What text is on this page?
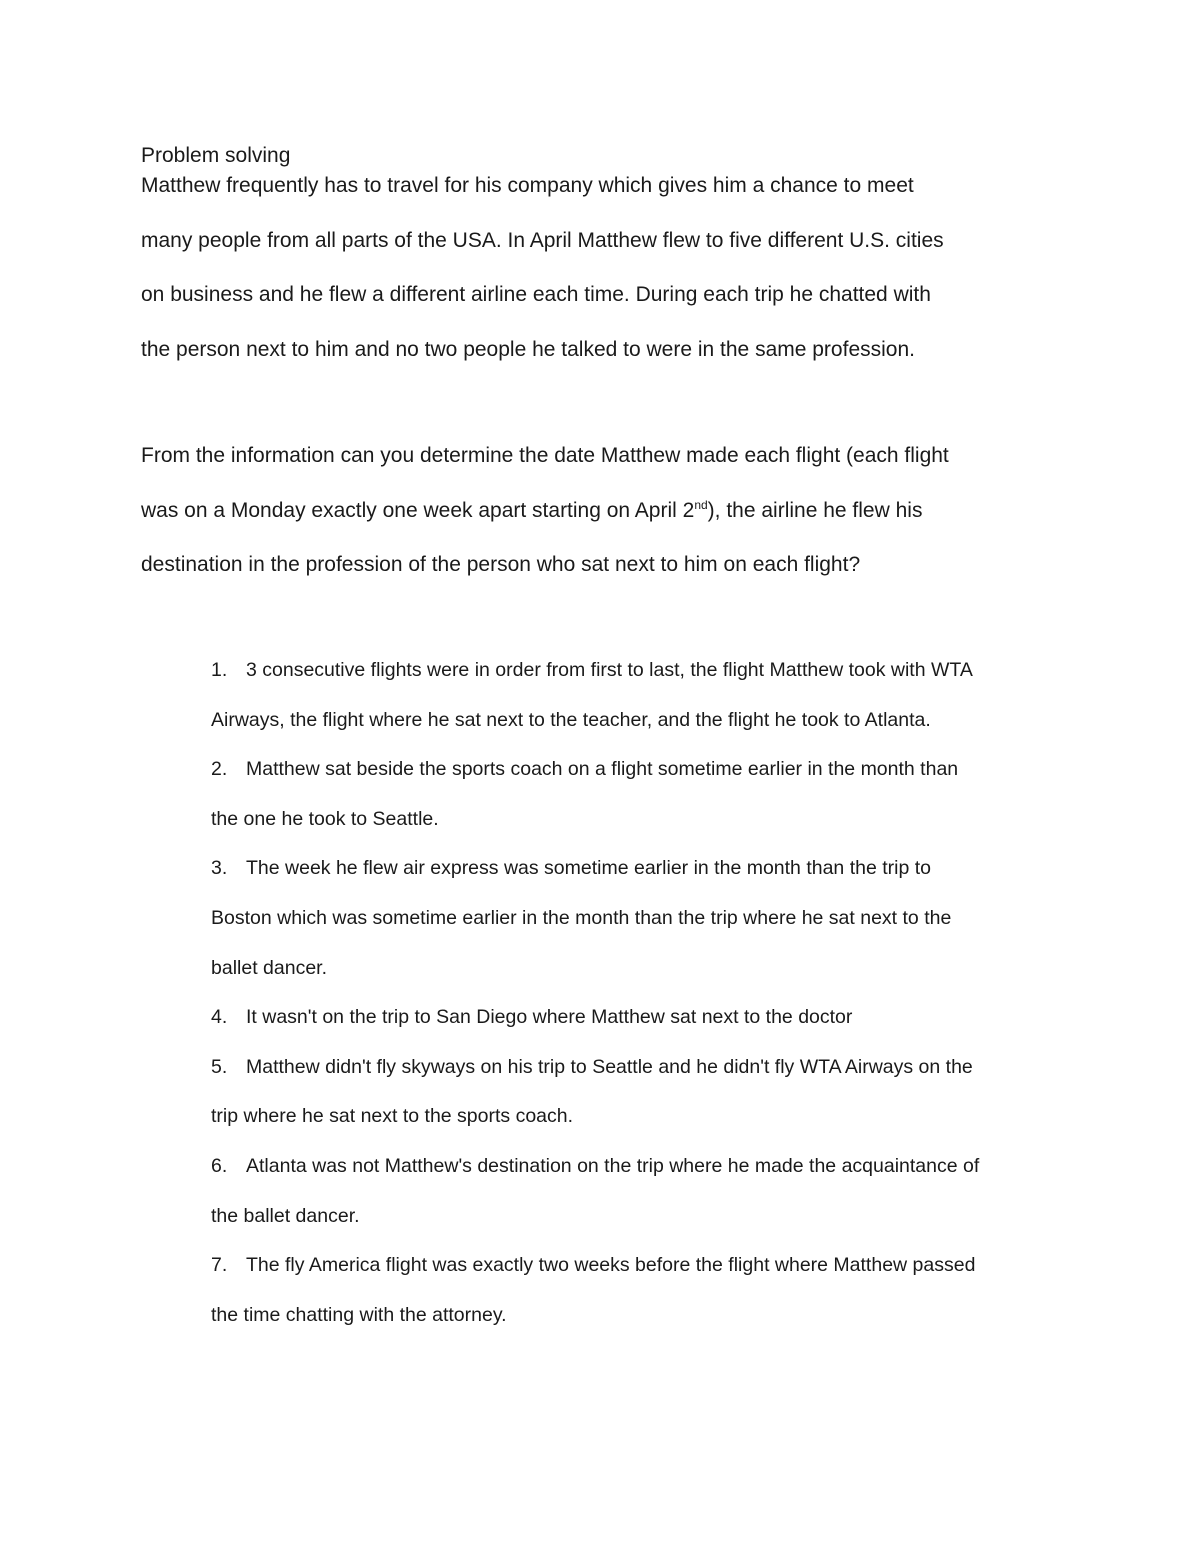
Problem solving

Matthew frequently has to travel for his company which gives him a chance to meet
many people from all parts of the USA. In April Matthew flew to five different U.S. cities
on business and he flew a different airline each time. During each trip he chatted with
the person next to him and no two people he talked to were in the same profession.

From the information can you determine the date Matthew made each flight (each flight
was on a Monday exactly one week apart starting on April 2nd), the airline he flew his
destination in the profession of the person who sat next to him on each flight?

1. 3 consecutive flights were in order from first to last, the flight Matthew took with WTA
Airways, the flight where he sat next to the teacher, and the flight he took to Atlanta.
2. Matthew sat beside the sports coach on a flight sometime earlier in the month than
the one he took to Seattle.
3. The week he flew air express was sometime earlier in the month than the trip to
Boston which was sometime earlier in the month than the trip where he sat next to the
ballet dancer.
4. It wasn't on the trip to San Diego where Matthew sat next to the doctor
5. Matthew didn't fly skyways on his trip to Seattle and he didn't fly WTA Airways on the
trip where he sat next to the sports coach.
6. Atlanta was not Matthew's destination on the trip where he made the acquaintance of
the ballet dancer.
7. The fly America flight was exactly two weeks before the flight where Matthew passed
the time chatting with the attorney.
